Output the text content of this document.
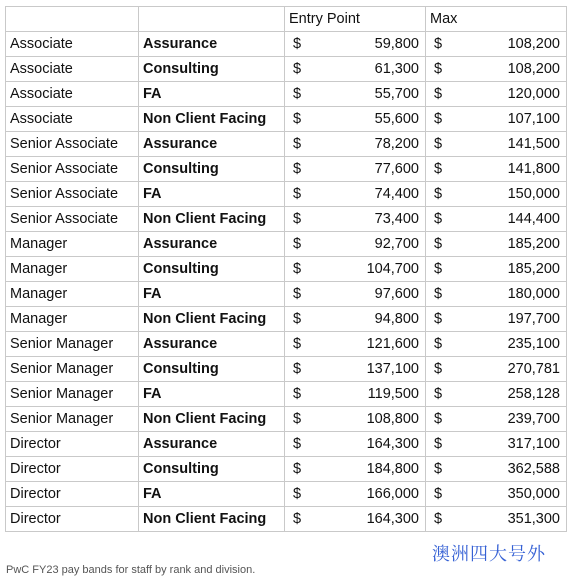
		Entry Point	Max
Associate	Assurance	$ 59,800	$ 108,200

Associate	Consulting	$ 61,300	$ 108,200

Associate	FA	$ 55,700	$ 120,000

Associate	Non Client Facing	$ 55,600	$ 107,100

Senior Associate	Assurance	$ 78,200	$ 141,500

Senior Associate	Consulting	$ 77,600	$ 141,800

Senior Associate	FA	$ 74,400	$ 150,000

Senior Associate	Non Client Facing	$ 73,400	$ 144,400

Manager	Assurance	$ 92,700	$ 185,200

Manager	Consulting	$ 104,700	$ 185,200

Manager	FA	$ 97,600	$ 180,000

Manager	Non Client Facing	$ 94,800	$ 197,700

Senior Manager	Assurance	$ 121,600	$ 235,100

Senior Manager	Consulting	$ 137,100	$ 270,781

Senior Manager	FA	$ 119,500	$ 258,128

Senior Manager	Non Client Facing	$ 108,800	$ 239,700

Director	Assurance	$ 164,300	$ 317,100

Director	Consulting	$ 184,800	$ 362,588

Director	FA	$ 166,000	$ 350,000

Director	Non Client Facing	$ 164,300	$ 351,300
PwC FY23 pay bands for staff by rank and division.
澳洲四大号外
